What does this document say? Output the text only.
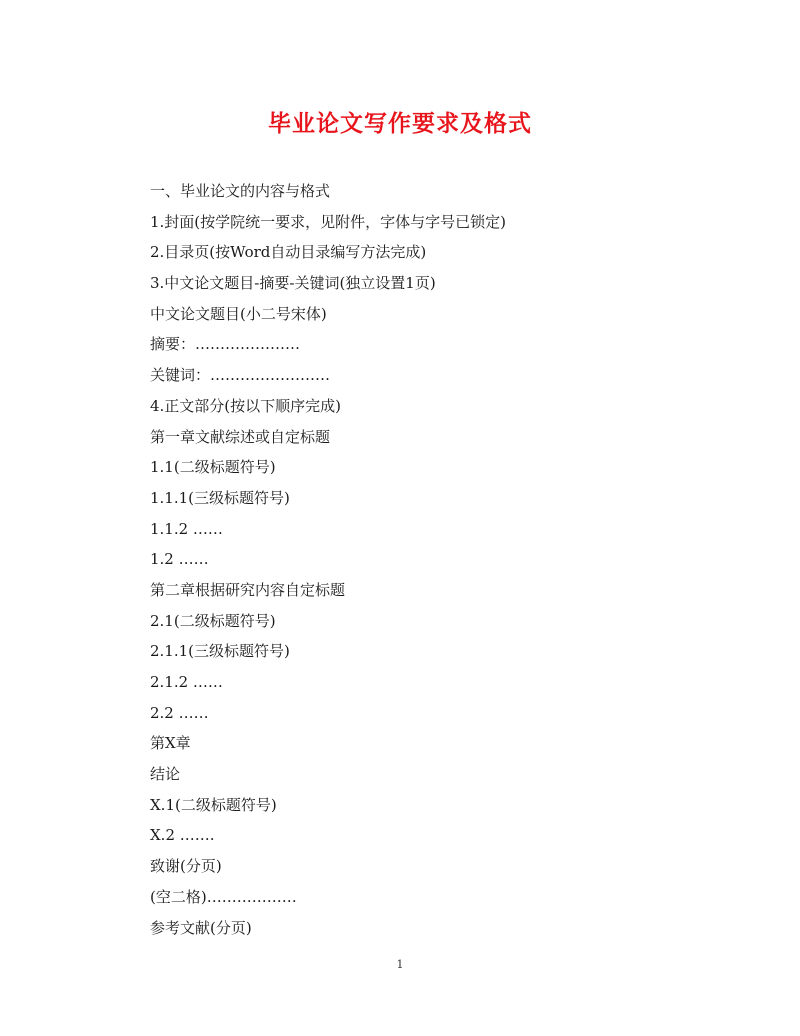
毕业论文写作要求及格式
一、毕业论文的内容与格式
1.封面(按学院统一要求，见附件，字体与字号已锁定)
2.目录页(按Word自动目录编写方法完成)
3.中文论文题目-摘要-关键词(独立设置1页)
中文论文题目(小二号宋体)
摘要：…………………
关键词：……………………
4.正文部分(按以下顺序完成)
第一章文献综述或自定标题
1.1(二级标题符号)
1.1.1(三级标题符号)
1.1.2 ……
1.2 ……
第二章根据研究内容自定标题
2.1(二级标题符号)
2.1.1(三级标题符号)
2.1.2 ……
2.2 ……
第X章
结论
X.1(二级标题符号)
X.2 …….
致谢(分页)
(空二格)………………
参考文献(分页)
1
